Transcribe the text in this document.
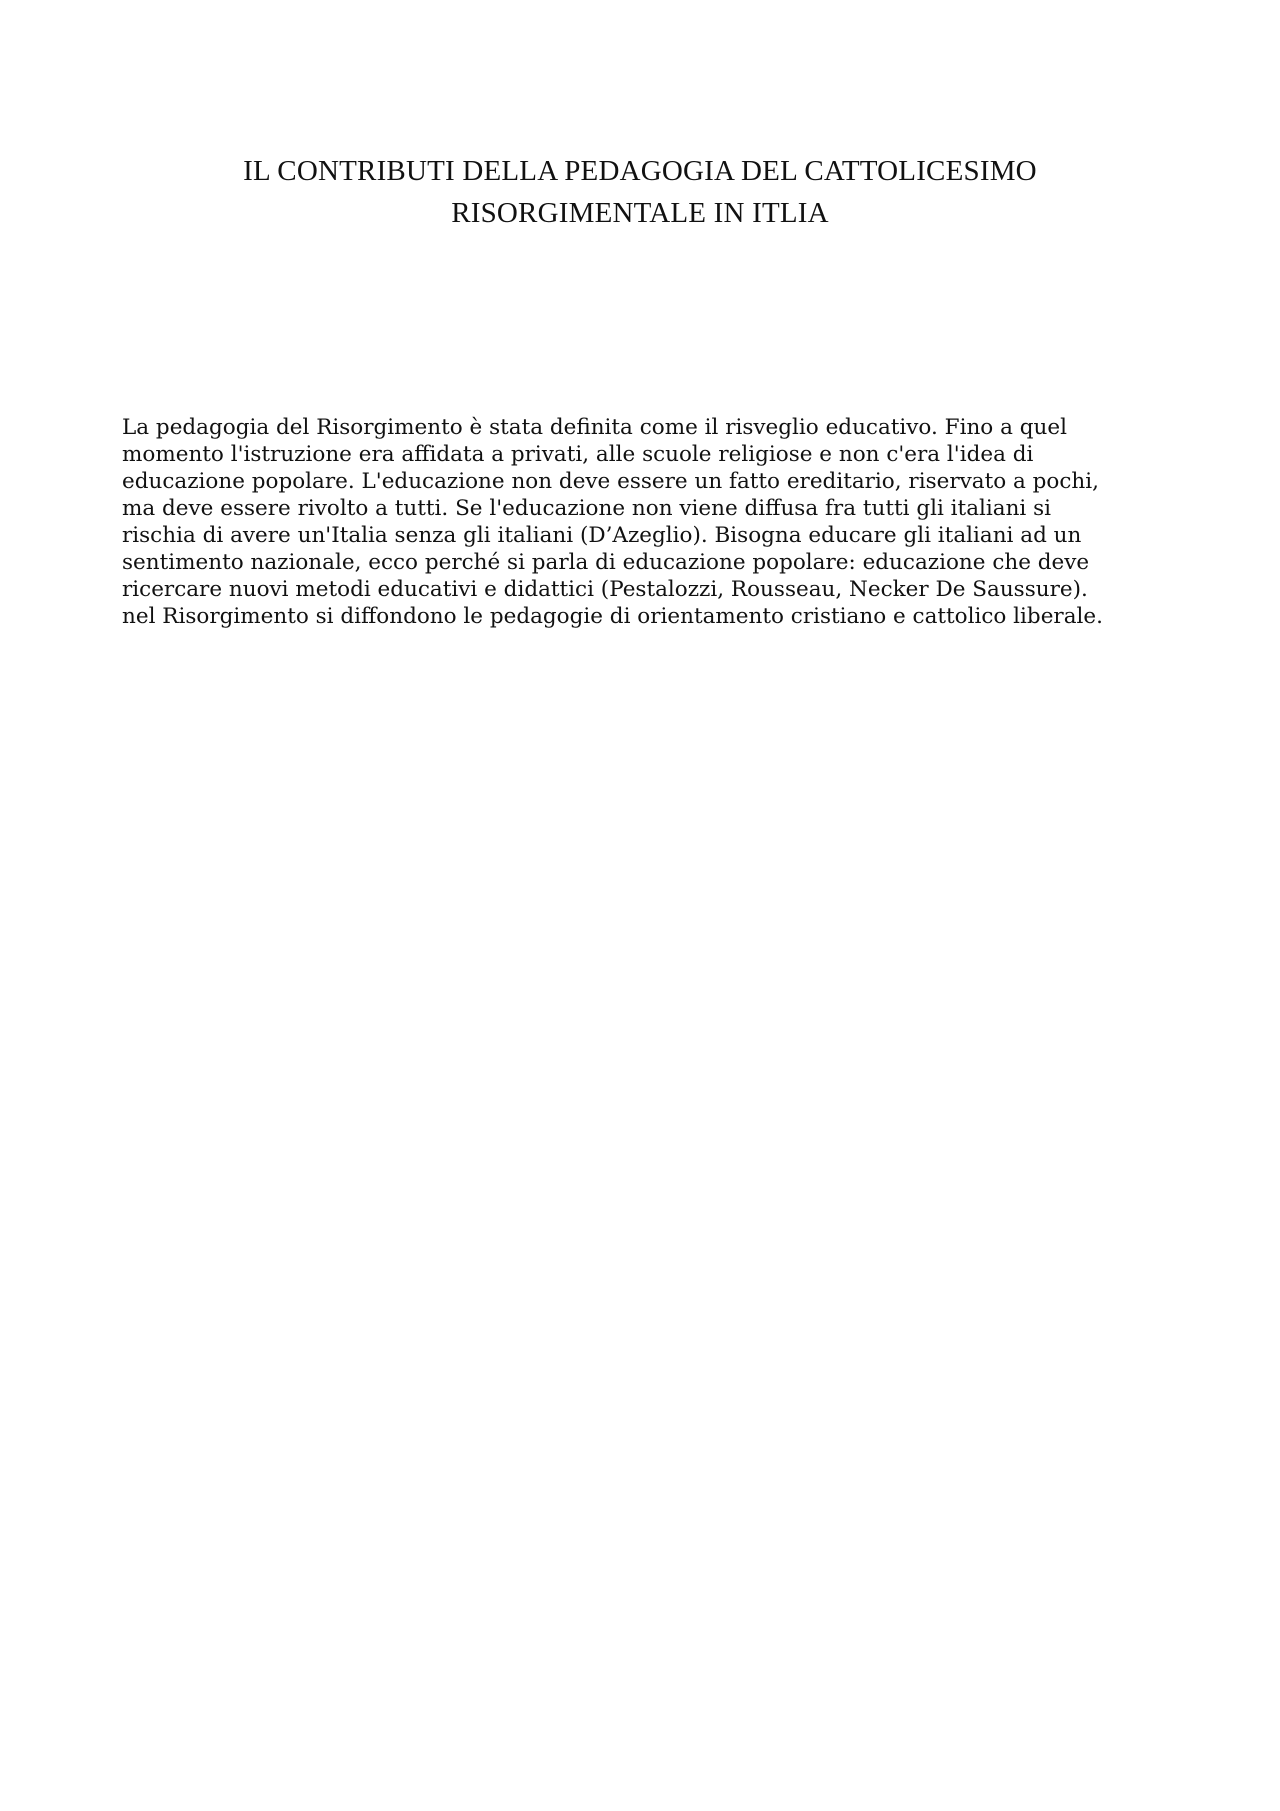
IL CONTRIBUTI DELLA PEDAGOGIA DEL CATTOLICESIMO
RISORGIMENTALE IN ITLIA
La pedagogia del Risorgimento è stata definita come il risveglio educativo. Fino a quel
momento l'istruzione era affidata a privati, alle scuole religiose e non c'era l'idea di
educazione popolare. L'educazione non deve essere un fatto ereditario, riservato a pochi,
ma deve essere rivolto a tutti. Se l'educazione non viene diffusa fra tutti gli italiani si
rischia di avere un'Italia senza gli italiani (D’Azeglio). Bisogna educare gli italiani ad un
sentimento nazionale, ecco perché si parla di educazione popolare: educazione che deve
ricercare nuovi metodi educativi e didattici (Pestalozzi, Rousseau, Necker De Saussure).
nel Risorgimento si diffondono le pedagogie di orientamento cristiano e cattolico liberale.
